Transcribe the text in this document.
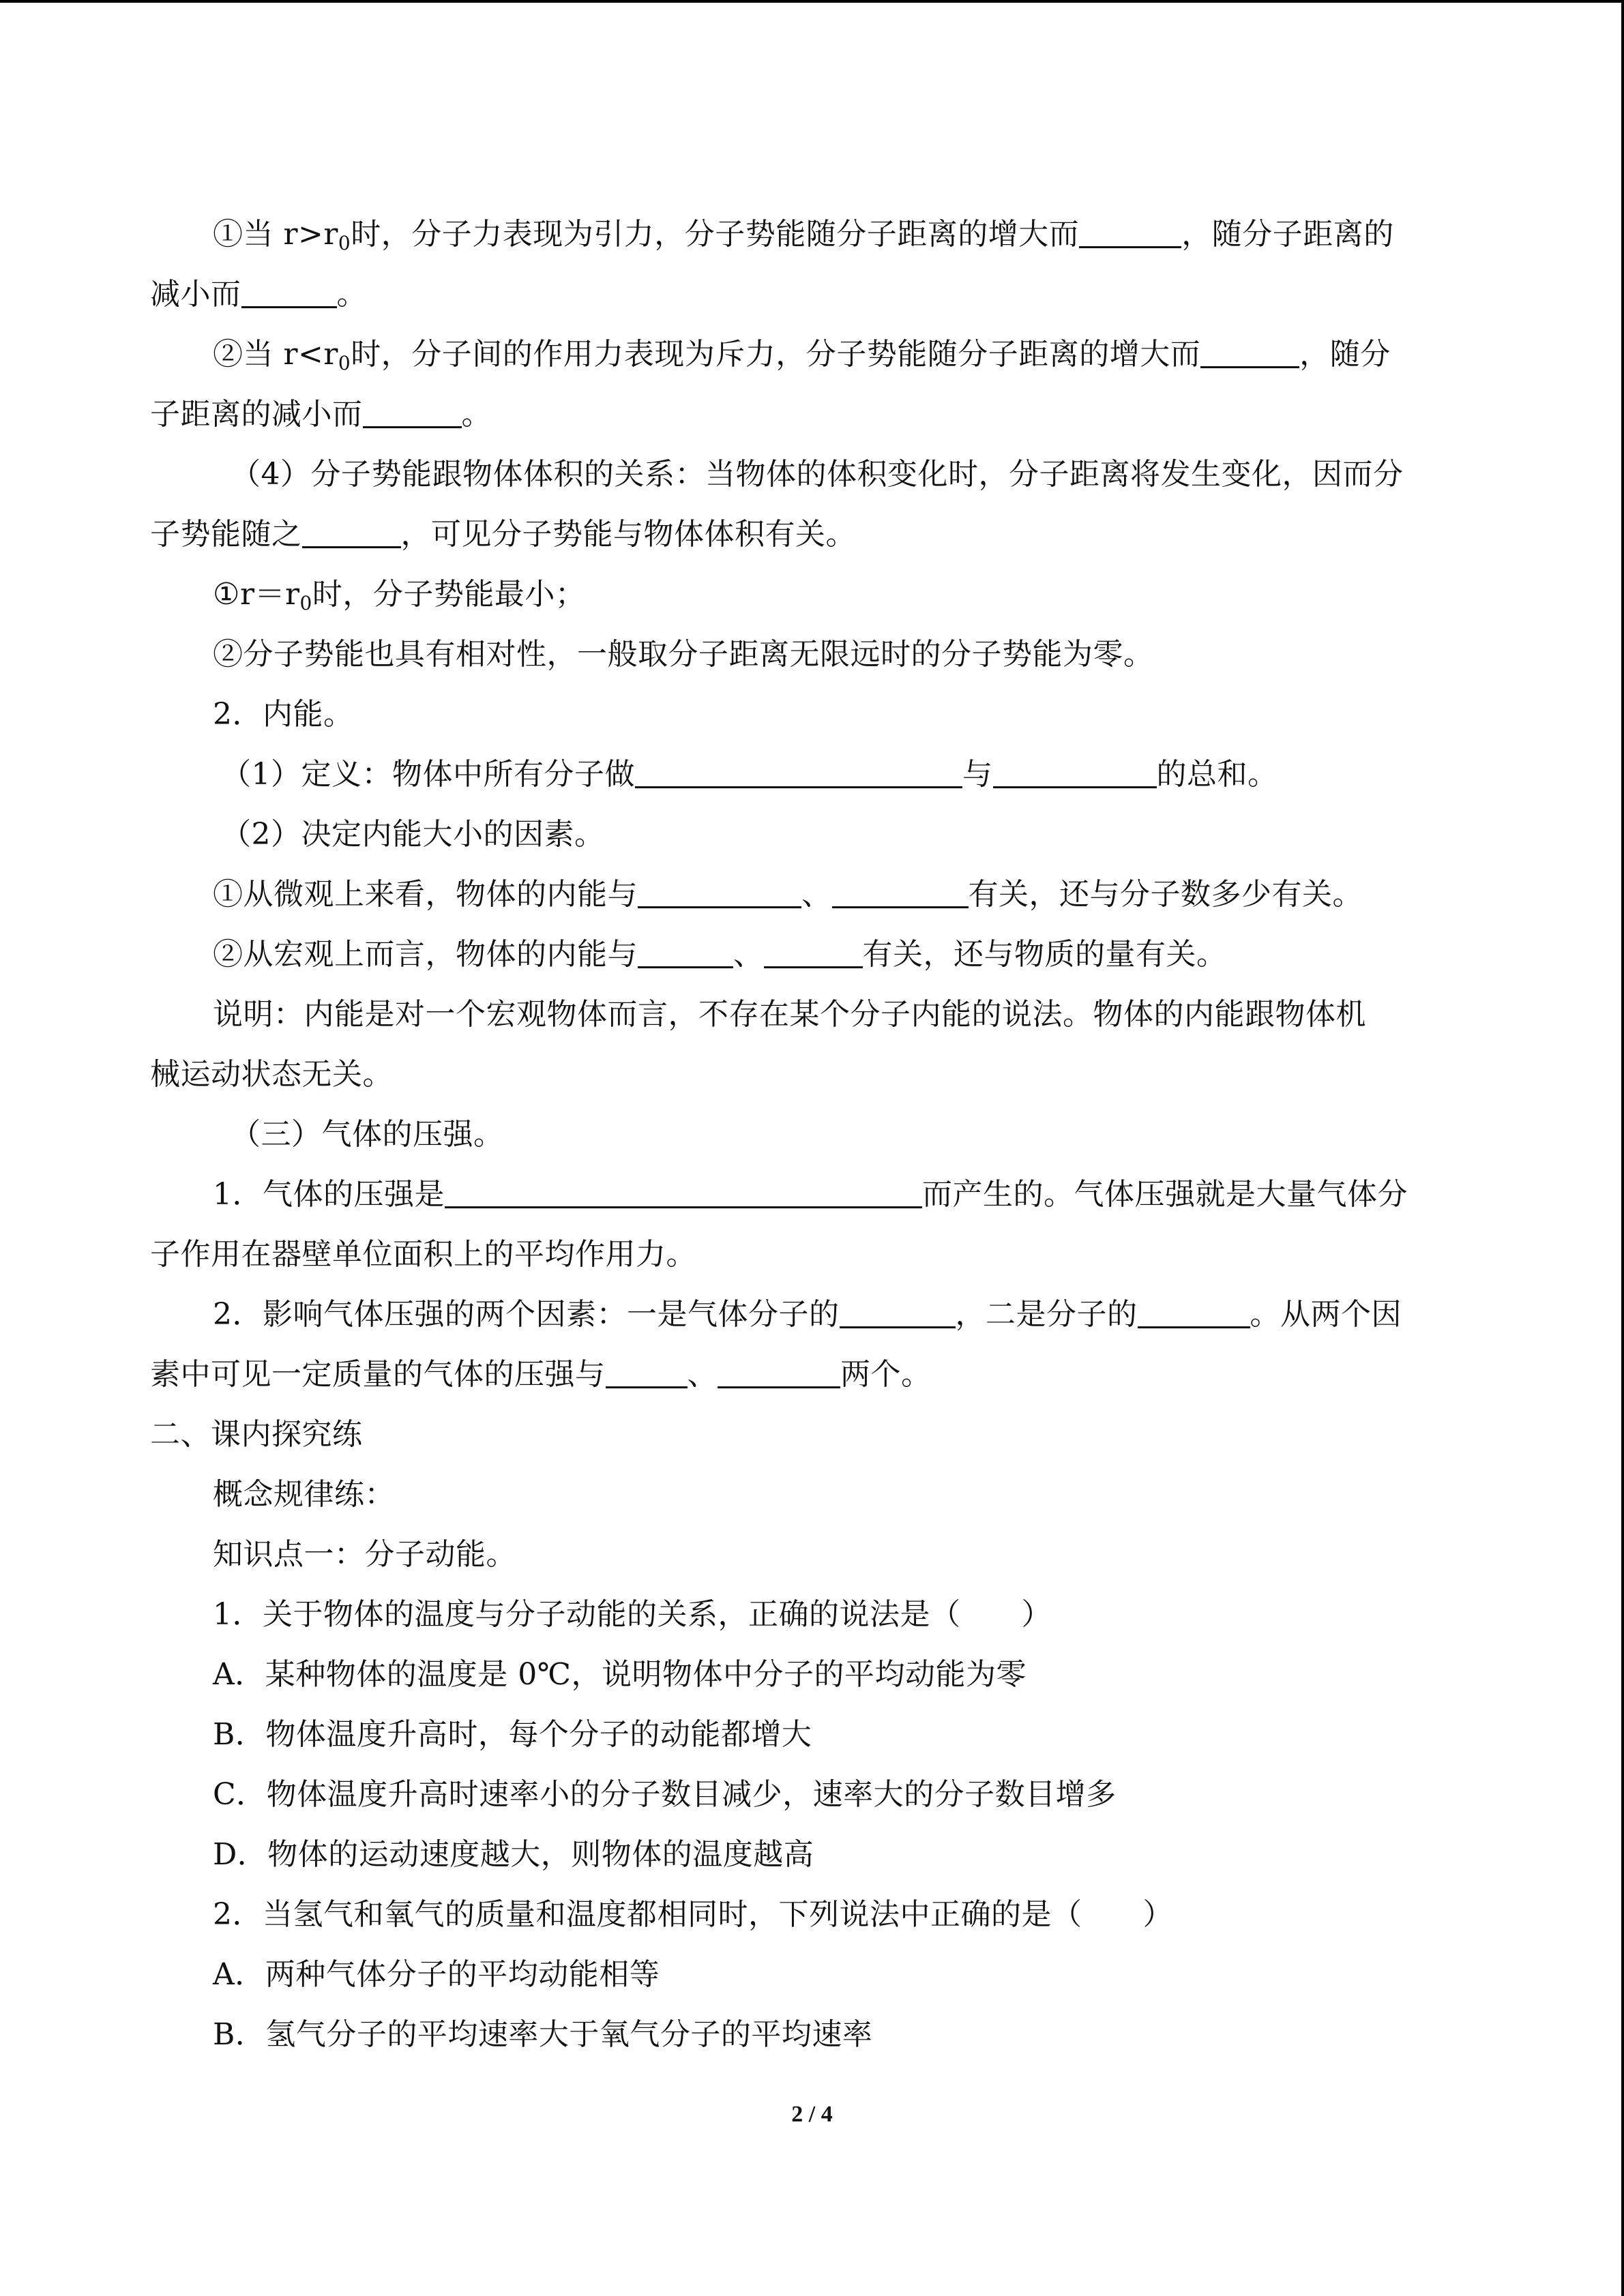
①当 $r>r_0$时，分子力表现为引力，分子势能随分子距离的增大而	，随分子距离的
减小而	。
②当 $r<r_0$时，分子间的作用力表现为斥力，分子势能随分子距离的增大而	，随分
子距离的减小而	。
（4）分子势能跟物体体积的关系：当物体的体积变化时，分子距离将发生变化，因而分
子势能随之	，可见分子势能与物体体积有关。
$①r=r_0$时，分子势能最小；
②分子势能也具有相对性，一般取分子距离无限远时的分子势能为零。
2．内能。
（1）定义：物体中所有分子做	与	的总和。
（2）决定内能大小的因素。
①从微观上来看，物体的内能与	、	有关，还与分子数多少有关。
②从宏观上而言，物体的内能与	、	有关，还与物质的量有关。
说明：内能是对一个宏观物体而言，不存在某个分子内能的说法。物体的内能跟物体机
械运动状态无关。
（三）气体的压强。
1．气体的压强是	而产生的。气体压强就是大量气体分
子作用在器壁单位面积上的平均作用力。
2．影响气体压强的两个因素：一是气体分子的	，二是分子的	。从两个因
素中可见一定质量的气体的压强与	、	两个。
二、课内探究练
概念规律练：
知识点一：分子动能。
1．关于物体的温度与分子动能的关系，正确的说法是（　　）
A．某种物体的温度是 0℃，说明物体中分子的平均动能为零
B．物体温度升高时，每个分子的动能都增大
C．物体温度升高时速率小的分子数目减少，速率大的分子数目增多
D．物体的运动速度越大，则物体的温度越高
2．当氢气和氧气的质量和温度都相同时，下列说法中正确的是（　　）
A．两种气体分子的平均动能相等
B．氢气分子的平均速率大于氧气分子的平均速率
2 / 4
